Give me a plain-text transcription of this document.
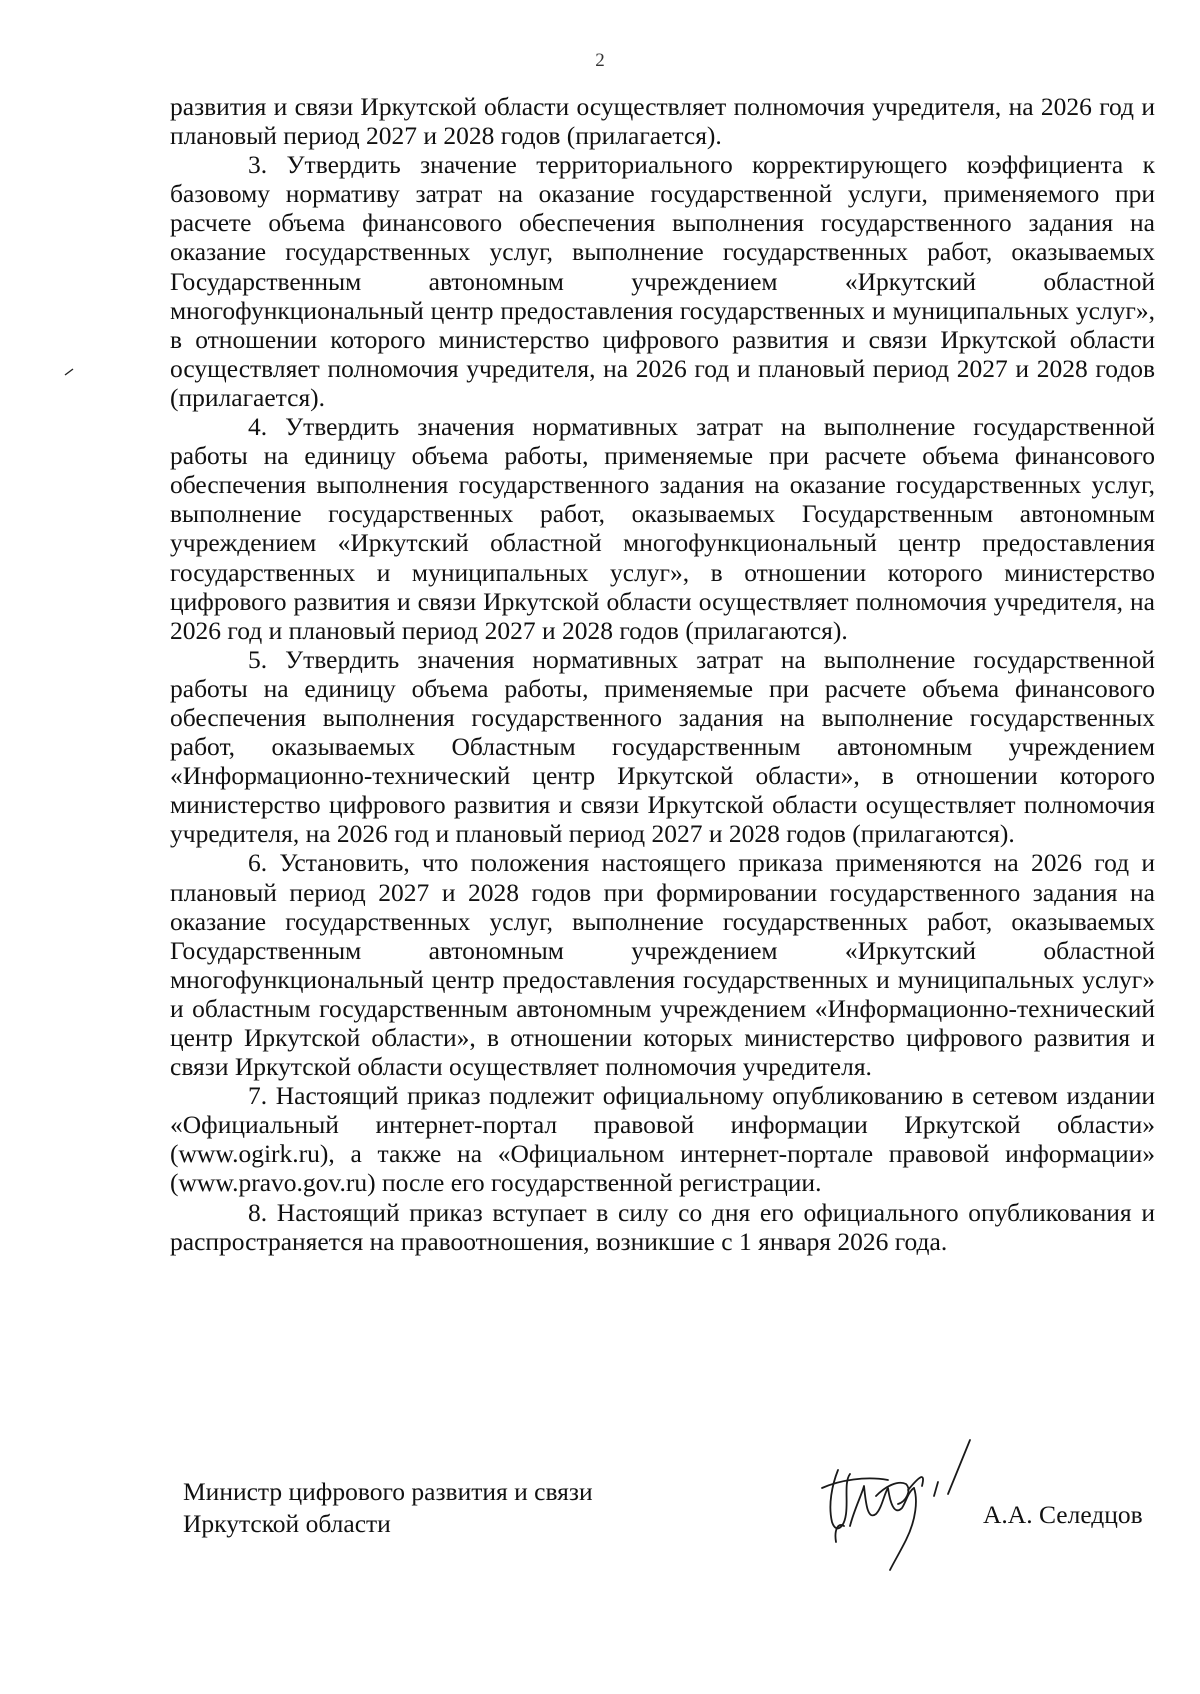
2

развития и связи Иркутской области осуществляет полномочия учредителя, на 2026 год и плановый период 2027 и 2028 годов (прилагается).

3. Утвердить значение территориального корректирующего коэффициента к базовому нормативу затрат на оказание государственной услуги, применяемого при расчете объема финансового обеспечения выполнения государственного задания на оказание государственных услуг, выполнение государственных работ, оказываемых Государственным автономным учреждением «Иркутский областной многофункциональный центр предоставления государственных и муниципальных услуг», в отношении которого министерство цифрового развития и связи Иркутской области осуществляет полномочия учредителя, на 2026 год и плановый период 2027 и 2028 годов (прилагается).

4. Утвердить значения нормативных затрат на выполнение государственной работы на единицу объема работы, применяемые при расчете объема финансового обеспечения выполнения государственного задания на оказание государственных услуг, выполнение государственных работ, оказываемых Государственным автономным учреждением «Иркутский областной многофункциональный центр предоставления государственных и муниципальных услуг», в отношении которого министерство цифрового развития и связи Иркутской области осуществляет полномочия учредителя, на 2026 год и плановый период 2027 и 2028 годов (прилагаются).

5. Утвердить значения нормативных затрат на выполнение государственной работы на единицу объема работы, применяемые при расчете объема финансового обеспечения выполнения государственного задания на выполнение государственных работ, оказываемых Областным государственным автономным учреждением «Информационно-технический центр Иркутской области», в отношении которого министерство цифрового развития и связи Иркутской области осуществляет полномочия учредителя, на 2026 год и плановый период 2027 и 2028 годов (прилагаются).

6. Установить, что положения настоящего приказа применяются на 2026 год и плановый период 2027 и 2028 годов при формировании государственного задания на оказание государственных услуг, выполнение государственных работ, оказываемых Государственным автономным учреждением «Иркутский областной многофункциональный центр предоставления государственных и муниципальных услуг» и областным государственным автономным учреждением «Информационно-технический центр Иркутской области», в отношении которых министерство цифрового развития и связи Иркутской области осуществляет полномочия учредителя.

7. Настоящий приказ подлежит официальному опубликованию в сетевом издании «Официальный интернет-портал правовой информации Иркутской области» (www.ogirk.ru), а также на «Официальном интернет-портале правовой информации» (www.pravo.gov.ru) после его государственной регистрации.

8. Настоящий приказ вступает в силу со дня его официального опубликования и распространяется на правоотношения, возникшие с 1 января 2026 года.

Министр цифрового развития и связи
Иркутской области	А.А. Селедцов
